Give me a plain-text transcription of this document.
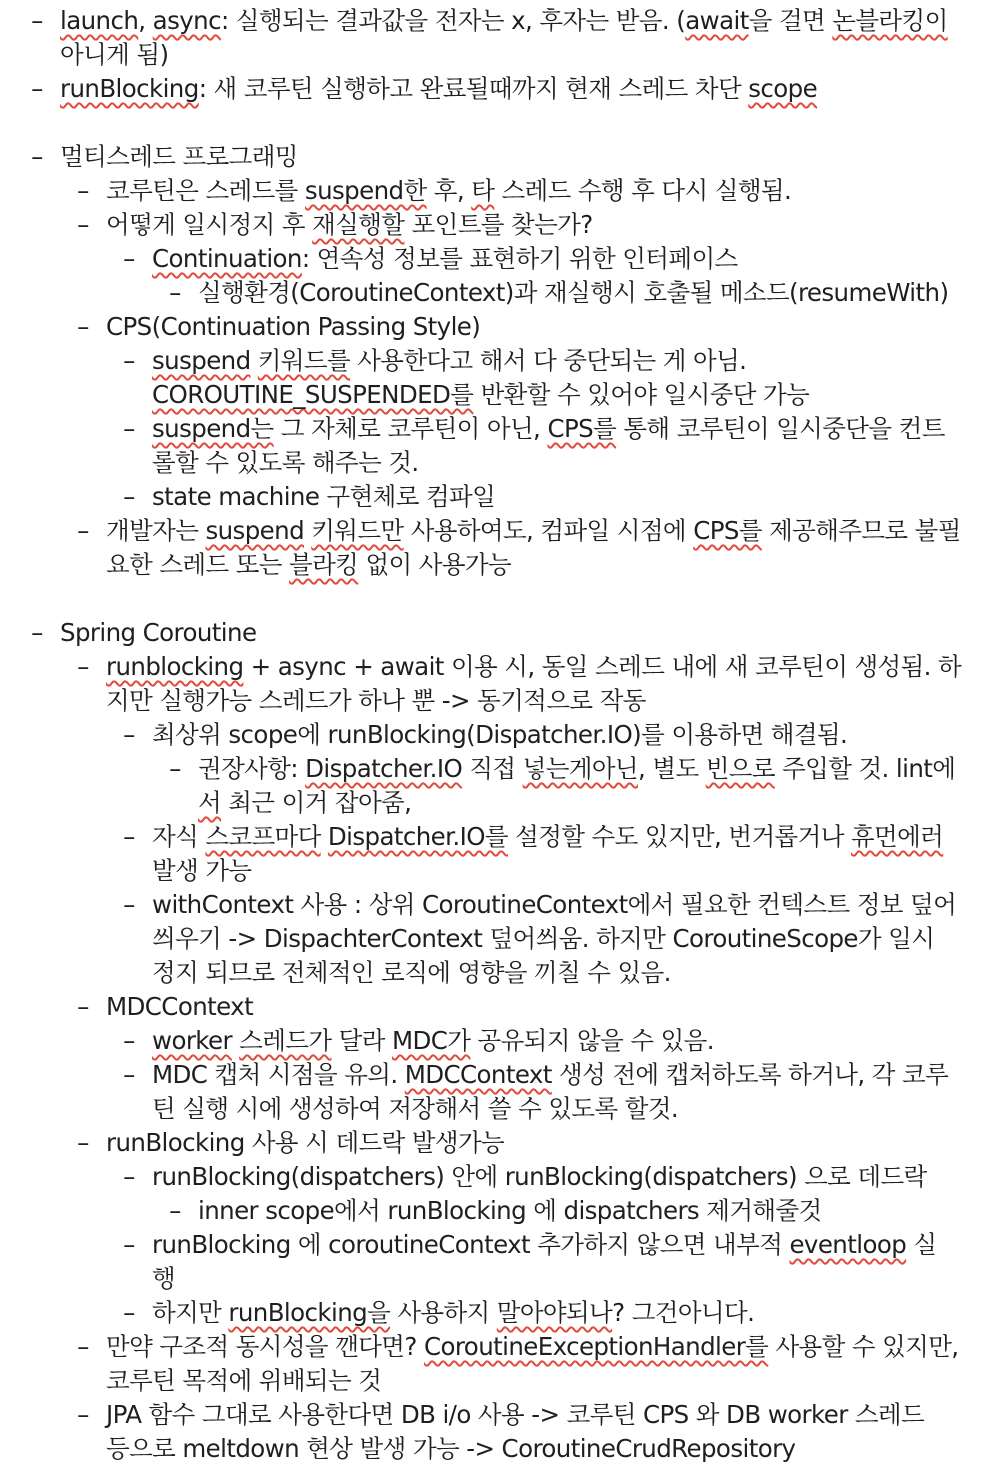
– launch, async: 실행되는 결과값을 전자는 x, 후자는 받음. (await을 걸면 논블라킹이
아니게 됨)
– runBlocking: 새 코루틴 실행하고 완료될때까지 현재 스레드 차단 scope
– 멀티스레드 프로그래밍
– 코루틴은 스레드를 suspend한 후, 타 스레드 수행 후 다시 실행됨.
– 어떻게 일시정지 후 재실행할 포인트를 찾는가?
– Continuation: 연속성 정보를 표현하기 위한 인터페이스
– 실행환경(CoroutineContext)과 재실행시 호출될 메소드(resumeWith)
– CPS(Continuation Passing Style)
– suspend 키워드를 사용한다고 해서 다 중단되는 게 아님.
COROUTINE_SUSPENDED를 반환할 수 있어야 일시중단 가능
– suspend는 그 자체로 코루틴이 아닌, CPS를 통해 코루틴이 일시중단을 컨트
롤할 수 있도록 해주는 것.
– state machine 구현체로 컴파일
– 개발자는 suspend 키워드만 사용하여도, 컴파일 시점에 CPS를 제공해주므로 불필
요한 스레드 또는 블라킹 없이 사용가능
– Spring Coroutine
– runblocking + async + await 이용 시, 동일 스레드 내에 새 코루틴이 생성됨. 하
지만 실행가능 스레드가 하나 뿐 -> 동기적으로 작동
– 최상위 scope에 runBlocking(Dispatcher.IO)를 이용하면 해결됨.
– 권장사항: Dispatcher.IO 직접 넣는게아닌, 별도 빈으로 주입할 것. lint에
서 최근 이거 잡아줌,
– 자식 스코프마다 Dispatcher.IO를 설정할 수도 있지만, 번거롭거나 휴먼에러
발생 가능
– withContext 사용 : 상위 CoroutineContext에서 필요한 컨텍스트 정보 덮어
씌우기 -> DispachterContext 덮어씌움. 하지만 CoroutineScope가 일시
정지 되므로 전체적인 로직에 영향을 끼칠 수 있음.
– MDCContext
– worker 스레드가 달라 MDC가 공유되지 않을 수 있음.
– MDC 캡처 시점을 유의. MDCContext 생성 전에 캡처하도록 하거나, 각 코루
틴 실행 시에 생성하여 저장해서 쓸 수 있도록 할것.
– runBlocking 사용 시 데드락 발생가능
– runBlocking(dispatchers) 안에 runBlocking(dispatchers) 으로 데드락
– inner scope에서 runBlocking 에 dispatchers 제거해줄것
– runBlocking 에 coroutineContext 추가하지 않으면 내부적 eventloop 실
행
– 하지만 runBlocking을 사용하지 말아야되나? 그건아니다.
– 만약 구조적 동시성을 깬다면? CoroutineExceptionHandler를 사용할 수 있지만,
코루틴 목적에 위배되는 것
– JPA 함수 그대로 사용한다면 DB i/o 사용 -> 코루틴 CPS 와 DB worker 스레드
등으로 meltdown 현상 발생 가능 -> CoroutineCrudRepository
